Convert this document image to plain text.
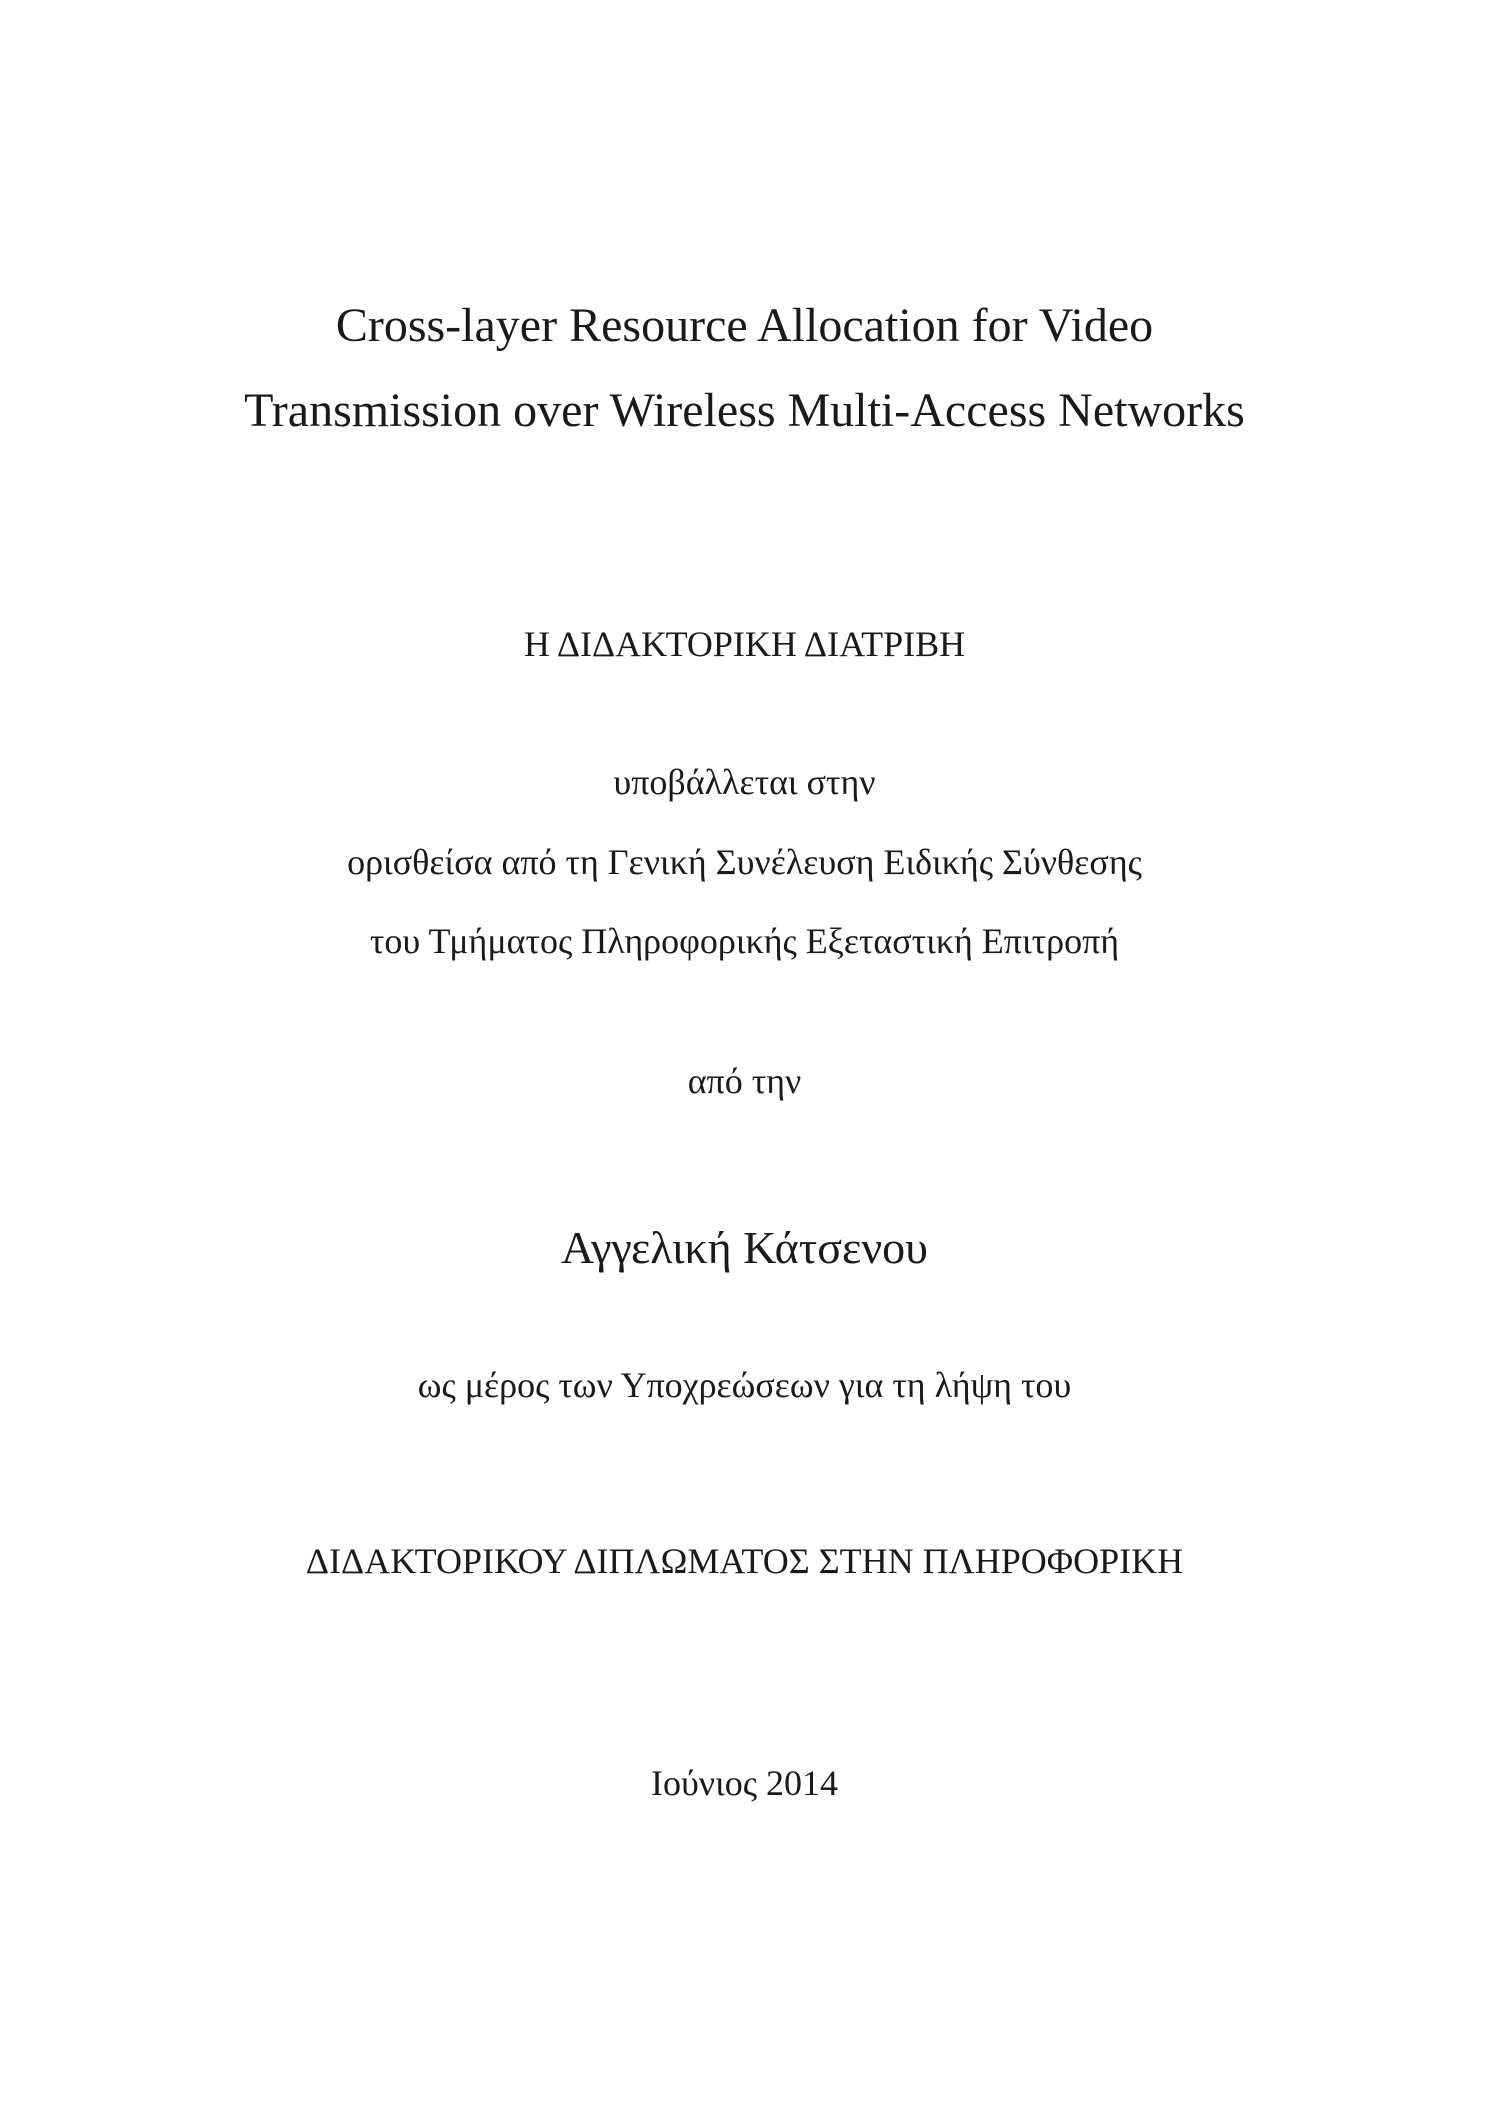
Cross-layer Resource Allocation for Video
Transmission over Wireless Multi-Access Networks
Η ΔΙΔΑΚΤΟΡΙΚΗ ΔΙΑΤΡΙΒΗ
υποβάλλεται στην
ορισθείσα από τη Γενική Συνέλευση Ειδικής Σύνθεσης
του Τμήματος Πληροφορικής Εξεταστική Επιτροπή
από την
Αγγελική Κάτσενου
ως μέρος των Υποχρεώσεων για τη λήψη του
ΔΙΔΑΚΤΟΡΙΚΟΥ ΔΙΠΛΩΜΑΤΟΣ ΣΤΗΝ ΠΛΗΡΟΦΟΡΙΚΗ
Ιούνιος 2014
